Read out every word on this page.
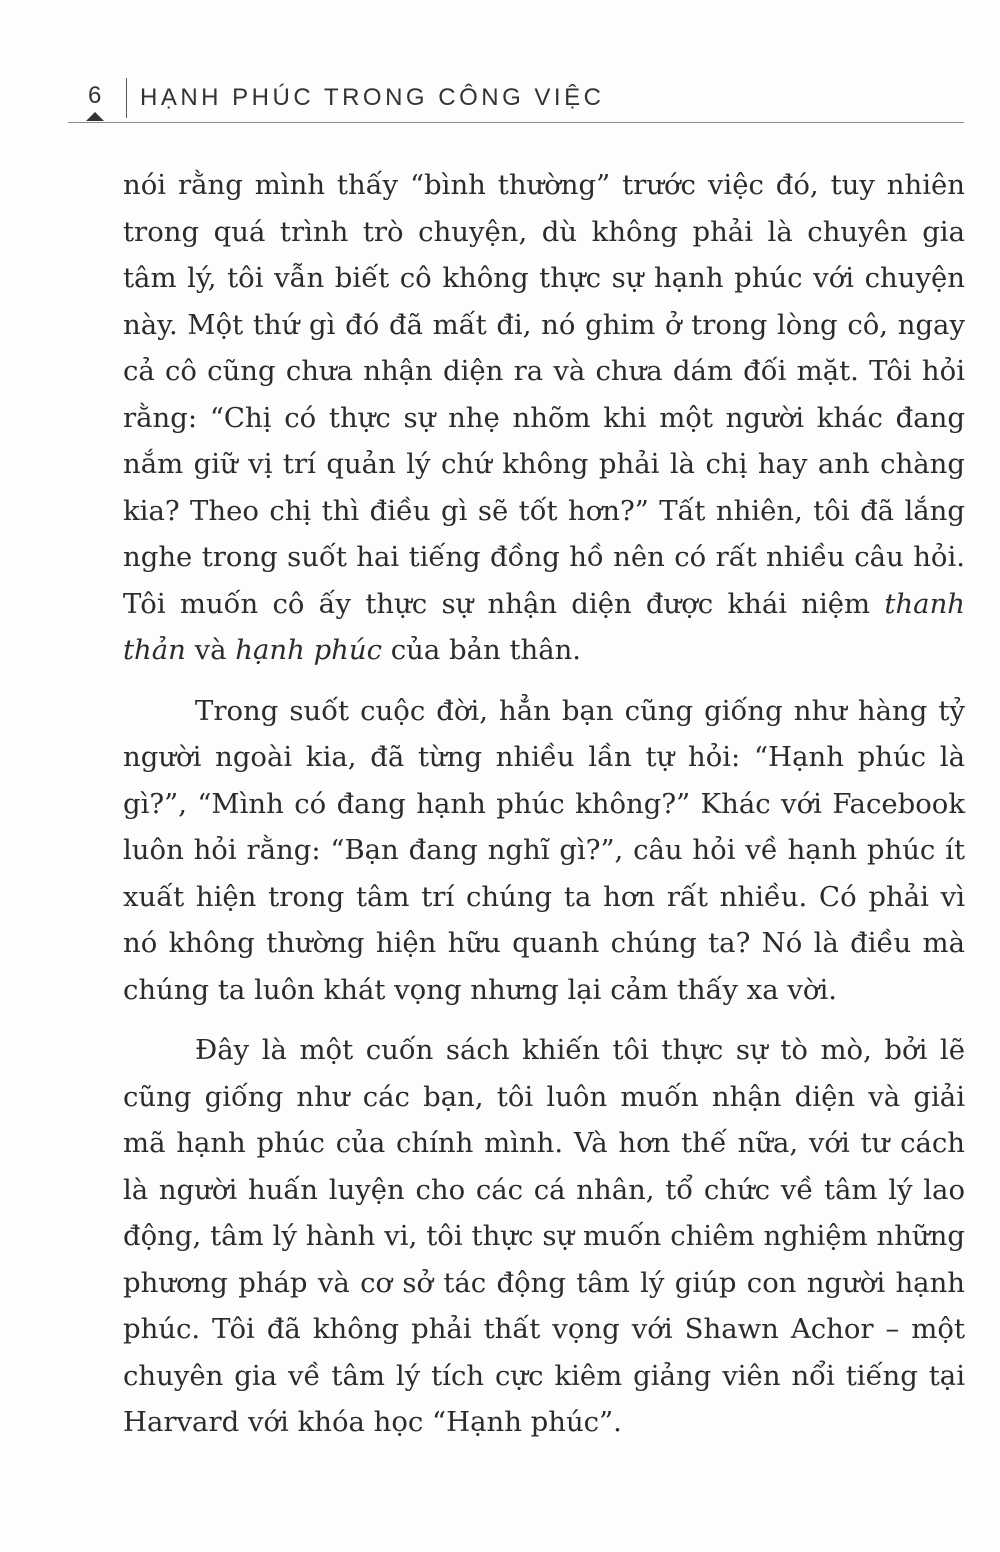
6 HẠNH PHÚC TRONG CÔNG VIỆC

nói rằng mình thấy “bình thường” trước việc đó, tuy nhiên trong quá trình trò chuyện, dù không phải là chuyên gia tâm lý, tôi vẫn biết cô không thực sự hạnh phúc với chuyện này. Một thứ gì đó đã mất đi, nó ghim ở trong lòng cô, ngay cả cô cũng chưa nhận diện ra và chưa dám đối mặt. Tôi hỏi rằng: “Chị có thực sự nhẹ nhõm khi một người khác đang nắm giữ vị trí quản lý chứ không phải là chị hay anh chàng kia? Theo chị thì điều gì sẽ tốt hơn?” Tất nhiên, tôi đã lắng nghe trong suốt hai tiếng đồng hồ nên có rất nhiều câu hỏi. Tôi muốn cô ấy thực sự nhận diện được khái niệm thanh thản và hạnh phúc của bản thân.

Trong suốt cuộc đời, hẳn bạn cũng giống như hàng tỷ người ngoài kia, đã từng nhiều lần tự hỏi: “Hạnh phúc là gì?”, “Mình có đang hạnh phúc không?” Khác với Facebook luôn hỏi rằng: “Bạn đang nghĩ gì?”, câu hỏi về hạnh phúc ít xuất hiện trong tâm trí chúng ta hơn rất nhiều. Có phải vì nó không thường hiện hữu quanh chúng ta? Nó là điều mà chúng ta luôn khát vọng nhưng lại cảm thấy xa vời.

Đây là một cuốn sách khiến tôi thực sự tò mò, bởi lẽ cũng giống như các bạn, tôi luôn muốn nhận diện và giải mã hạnh phúc của chính mình. Và hơn thế nữa, với tư cách là người huấn luyện cho các cá nhân, tổ chức về tâm lý lao động, tâm lý hành vi, tôi thực sự muốn chiêm nghiệm những phương pháp và cơ sở tác động tâm lý giúp con người hạnh phúc. Tôi đã không phải thất vọng với Shawn Achor – một chuyên gia về tâm lý tích cực kiêm giảng viên nổi tiếng tại Harvard với khóa học “Hạnh phúc”.
